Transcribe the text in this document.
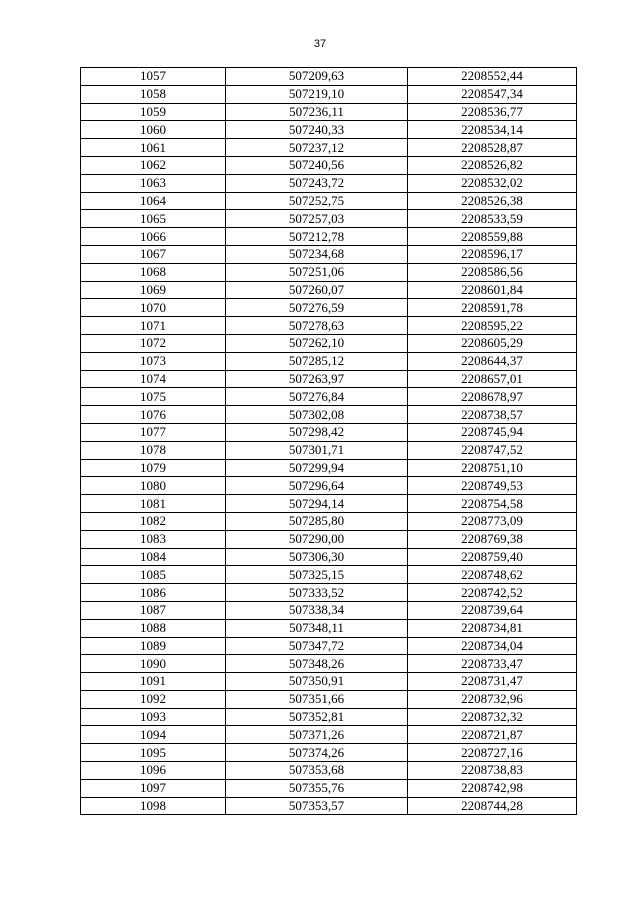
37
1057	507209,63	2208552,44
1058	507219,10	2208547,34
1059	507236,11	2208536,77
1060	507240,33	2208534,14
1061	507237,12	2208528,87
1062	507240,56	2208526,82
1063	507243,72	2208532,02
1064	507252,75	2208526,38
1065	507257,03	2208533,59
1066	507212,78	2208559,88
1067	507234,68	2208596,17
1068	507251,06	2208586,56
1069	507260,07	2208601,84
1070	507276,59	2208591,78
1071	507278,63	2208595,22
1072	507262,10	2208605,29
1073	507285,12	2208644,37
1074	507263,97	2208657,01
1075	507276,84	2208678,97
1076	507302,08	2208738,57
1077	507298,42	2208745,94
1078	507301,71	2208747,52
1079	507299,94	2208751,10
1080	507296,64	2208749,53
1081	507294,14	2208754,58
1082	507285,80	2208773,09
1083	507290,00	2208769,38
1084	507306,30	2208759,40
1085	507325,15	2208748,62
1086	507333,52	2208742,52
1087	507338,34	2208739,64
1088	507348,11	2208734,81
1089	507347,72	2208734,04
1090	507348,26	2208733,47
1091	507350,91	2208731,47
1092	507351,66	2208732,96
1093	507352,81	2208732,32
1094	507371,26	2208721,87
1095	507374,26	2208727,16
1096	507353,68	2208738,83
1097	507355,76	2208742,98
1098	507353,57	2208744,28
